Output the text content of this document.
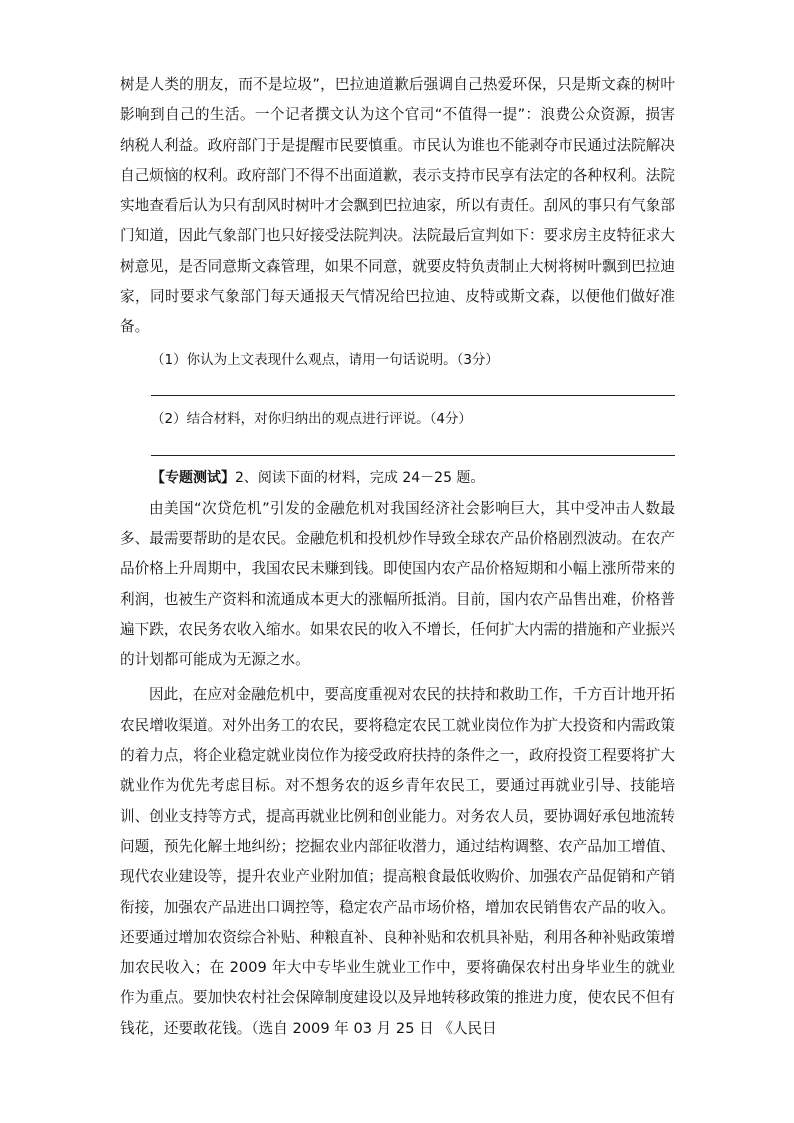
树是人类的朋友，而不是垃圾”，巴拉迪道歉后强调自己热爱环保，只是斯文森的树叶影响到自己的生活。一个记者撰文认为这个官司“不值得一提”：浪费公众资源，损害纳税人利益。政府部门于是提醒市民要慎重。市民认为谁也不能剥夺市民通过法院解决自己烦恼的权利。政府部门不得不出面道歉，表示支持市民享有法定的各种权利。法院实地查看后认为只有刮风时树叶才会飘到巴拉迪家，所以有责任。刮风的事只有气象部门知道，因此气象部门也只好接受法院判决。法院最后宣判如下：要求房主皮特征求大树意见，是否同意斯文森管理，如果不同意，就要皮特负责制止大树将树叶飘到巴拉迪家，同时要求气象部门每天通报天气情况给巴拉迪、皮特或斯文森，以便他们做好准备。

（1）你认为上文表现什么观点，请用一句话说明。（3分）

（2）结合材料，对你归纳出的观点进行评说。（4分）

【专题测试】2、阅读下面的材料，完成 24－25 题。

由美国“次贷危机”引发的金融危机对我国经济社会影响巨大，其中受冲击人数最多、最需要帮助的是农民。金融危机和投机炒作导致全球农产品价格剧烈波动。在农产品价格上升周期中，我国农民未赚到钱。即使国内农产品价格短期和小幅上涨所带来的利润，也被生产资料和流通成本更大的涨幅所抵消。目前，国内农产品售出难，价格普遍下跌，农民务农收入缩水。如果农民的收入不增长，任何扩大内需的措施和产业振兴的计划都可能成为无源之水。

因此，在应对金融危机中，要高度重视对农民的扶持和救助工作，千方百计地开拓农民增收渠道。对外出务工的农民，要将稳定农民工就业岗位作为扩大投资和内需政策的着力点，将企业稳定就业岗位作为接受政府扶持的条件之一，政府投资工程要将扩大就业作为优先考虑目标。对不想务农的返乡青年农民工，要通过再就业引导、技能培训、创业支持等方式，提高再就业比例和创业能力。对务农人员，要协调好承包地流转问题，预先化解土地纠纷；挖掘农业内部征收潜力，通过结构调整、农产品加工增值、现代农业建设等，提升农业产业附加值；提高粮食最低收购价、加强农产品促销和产销衔接，加强农产品进出口调控等，稳定农产品市场价格，增加农民销售农产品的收入。还要通过增加农资综合补贴、种粮直补、良种补贴和农机具补贴，利用各种补贴政策增加农民收入；在 2009 年大中专毕业生就业工作中，要将确保农村出身毕业生的就业作为重点。要加快农村社会保障制度建设以及异地转移政策的推进力度，使农民不但有钱花，还要敢花钱。（选自 2009 年 03 月 25 日 《人民日
